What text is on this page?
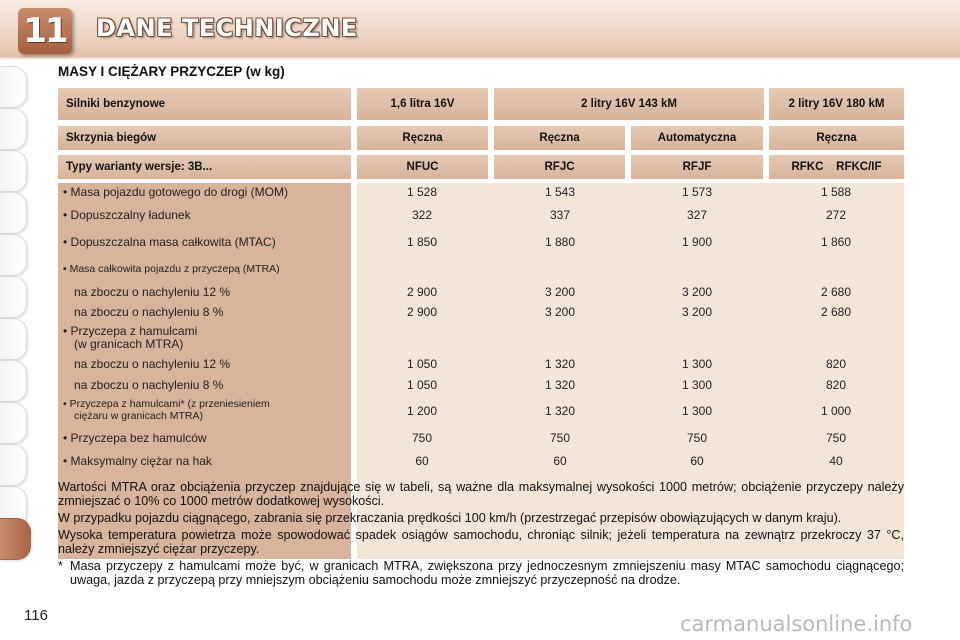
11 DANE TECHNICZNE
MASY I CIĘŻARY PRZYCZEP (w kg)
Silniki benzynowe	1,6 litra 16V	2 litry 16V 143 kM	2 litry 16V 180 kM
Skrzynia biegów	Ręczna	Ręczna	Automatyczna	Ręczna
Typy warianty wersje: 3B...	NFUC	RFJC	RFJF	RFKC    RFKC/IF
• Masa pojazdu gotowego do drogi (MOM)	1 528	1 543	1 573	1 588
• Dopuszczalny ładunek	322	337	327	272
• Dopuszczalna masa całkowita (MTAC)	1 850	1 880	1 900	1 860
• Masa całkowita pojazdu z przyczepą (MTRA)
na zboczu o nachyleniu 12 %	2 900	3 200	3 200	2 680
na zboczu o nachyleniu 8 %	2 900	3 200	3 200	2 680
• Przyczepa z hamulcami
(w granicach MTRA)
na zboczu o nachyleniu 12 %	1 050	1 320	1 300	820
na zboczu o nachyleniu 8 %	1 050	1 320	1 300	820
• Przyczepa z hamulcami* (z przeniesieniem	1 200	1 320	1 300	1 000
ciężaru w granicach MTRA)
• Przyczepa bez hamulców	750	750	750	750
• Maksymalny ciężar na hak	60	60	60	40

Wartości MTRA oraz obciążenia przyczep znajdujące się w tabeli, są ważne dla maksymalnej wysokości 1000 metrów; obciążenie przyczepy należy zmniejszać o 10% co 1000 metrów dodatkowej wysokości.

W przypadku pojazdu ciągnącego, zabrania się przekraczania prędkości 100 km/h (przestrzegać przepisów obowiązujących w danym kraju).

Wysoka temperatura powietrza może spowodować spadek osiągów samochodu, chroniąc silnik; jeżeli temperatura na zewnątrz przekroczy 37 °C, należy zmniejszyć ciężar przyczepy.

* Masa przyczepy z hamulcami może być, w granicach MTRA, zwiększona przy jednoczesnym zmniejszeniu masy MTAC samochodu ciągnącego; uwaga, jazda z przyczepą przy mniejszym obciążeniu samochodu może zmniejszyć przyczepność na drodze.

116	carmanualsonline.info
